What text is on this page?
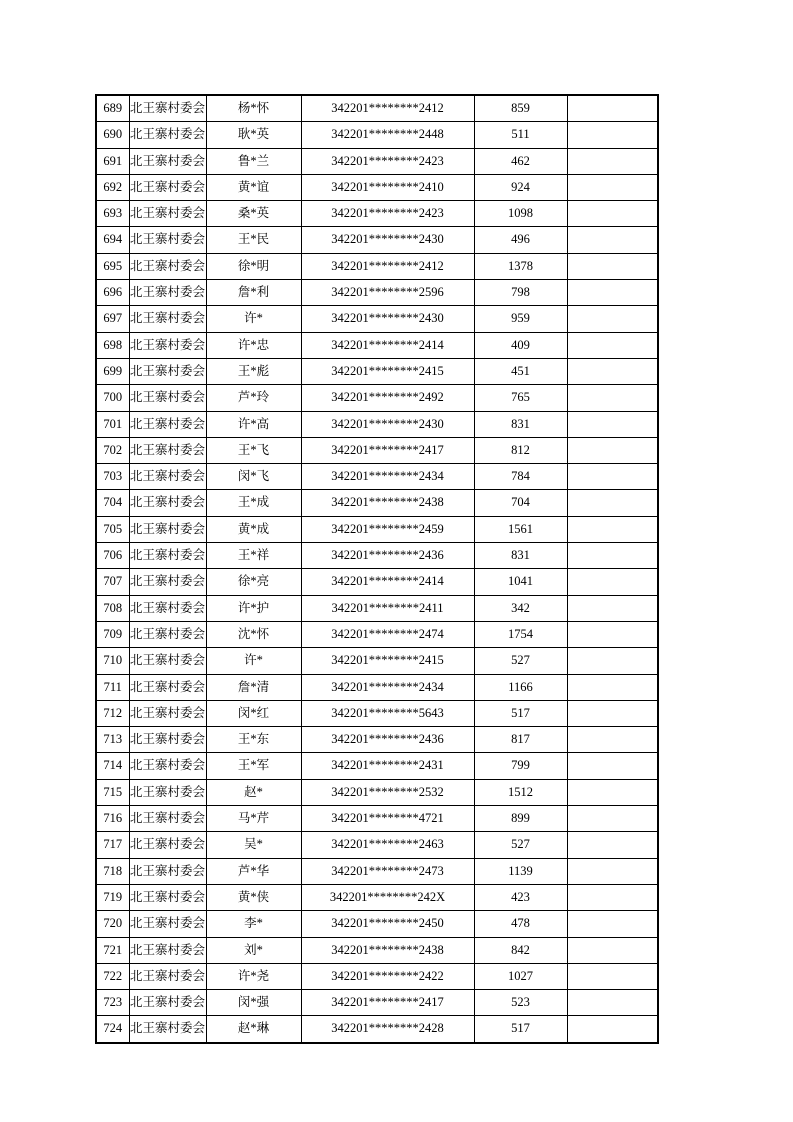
689	北王寨村委会	杨*怀	342201********2412	859	
690	北王寨村委会	耿*英	342201********2448	511	
691	北王寨村委会	鲁*兰	342201********2423	462	
692	北王寨村委会	黄*谊	342201********2410	924	
693	北王寨村委会	桑*英	342201********2423	1098	
694	北王寨村委会	王*民	342201********2430	496	
695	北王寨村委会	徐*明	342201********2412	1378	
696	北王寨村委会	詹*利	342201********2596	798	
697	北王寨村委会	许*	342201********2430	959	
698	北王寨村委会	许*忠	342201********2414	409	
699	北王寨村委会	王*彪	342201********2415	451	
700	北王寨村委会	芦*玲	342201********2492	765	
701	北王寨村委会	许*高	342201********2430	831	
702	北王寨村委会	王*飞	342201********2417	812	
703	北王寨村委会	闵*飞	342201********2434	784	
704	北王寨村委会	王*成	342201********2438	704	
705	北王寨村委会	黄*成	342201********2459	1561	
706	北王寨村委会	王*祥	342201********2436	831	
707	北王寨村委会	徐*亮	342201********2414	1041	
708	北王寨村委会	许*护	342201********2411	342	
709	北王寨村委会	沈*怀	342201********2474	1754	
710	北王寨村委会	许*	342201********2415	527	
711	北王寨村委会	詹*清	342201********2434	1166	
712	北王寨村委会	闵*红	342201********5643	517	
713	北王寨村委会	王*东	342201********2436	817	
714	北王寨村委会	王*军	342201********2431	799	
715	北王寨村委会	赵*	342201********2532	1512	
716	北王寨村委会	马*芹	342201********4721	899	
717	北王寨村委会	吴*	342201********2463	527	
718	北王寨村委会	芦*华	342201********2473	1139	
719	北王寨村委会	黄*侠	342201********242X	423	
720	北王寨村委会	李*	342201********2450	478	
721	北王寨村委会	刘*	342201********2438	842	
722	北王寨村委会	许*尧	342201********2422	1027	
723	北王寨村委会	闵*强	342201********2417	523	
724	北王寨村委会	赵*琳	342201********2428	517	
